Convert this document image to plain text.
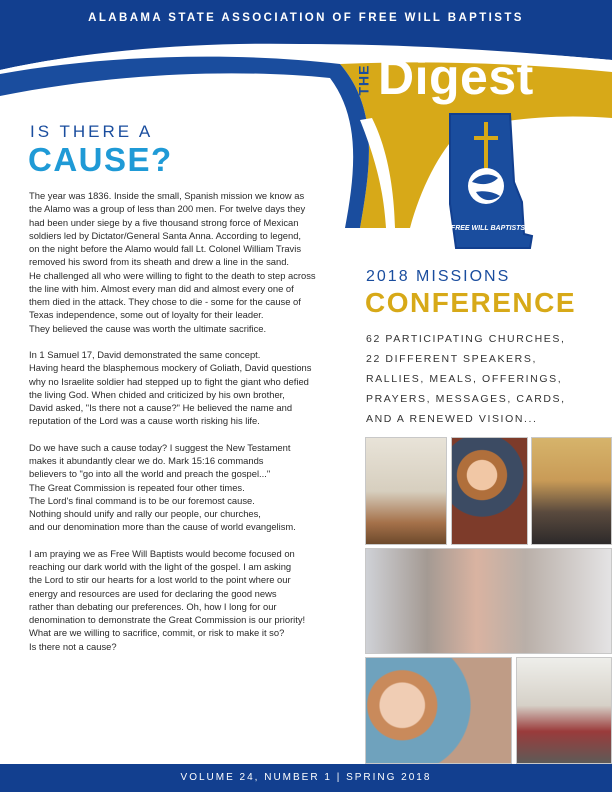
ALABAMA STATE ASSOCIATION OF FREE WILL BAPTISTS
THE Digest
FREE WILL BAPTISTS
IS THERE A
CAUSE?

The year was 1836. Inside the small, Spanish mission we know as
the Alamo was a group of less than 200 men. For twelve days they
had been under siege by a five thousand strong force of Mexican
soldiers led by Dictator/General Santa Anna. According to legend,
on the night before the Alamo would fall Lt. Colonel William Travis
removed his sword from its sheath and drew a line in the sand.
He challenged all who were willing to fight to the death to step across
the line with him. Almost every man did and almost every one of
them died in the attack. They chose to die - some for the cause of
Texas independence, some out of loyalty for their leader.
They believed the cause was worth the ultimate sacrifice.

In 1 Samuel 17, David demonstrated the same concept.
Having heard the blasphemous mockery of Goliath, David questions
why no Israelite soldier had stepped up to fight the giant who defied
the living God. When chided and criticized by his own brother,
David asked, "Is there not a cause?" He believed the name and
reputation of the Lord was a cause worth risking his life.

Do we have such a cause today? I suggest the New Testament
makes it abundantly clear we do. Mark 15:16 commands
believers to "go into all the world and preach the gospel..."
The Great Commission is repeated four other times.
The Lord's final command is to be our foremost cause.
Nothing should unify and rally our people, our churches,
and our denomination more than the cause of world evangelism.

I am praying we as Free Will Baptists would become focused on
reaching our dark world with the light of the gospel. I am asking
the Lord to stir our hearts for a lost world to the point where our
energy and resources are used for declaring the good news
rather than debating our preferences. Oh, how I long for our
denomination to demonstrate the Great Commission is our priority!
What are we willing to sacrifice, commit, or risk to make it so?
Is there not a cause?

2018 MISSIONS
CONFERENCE
62 PARTICIPATING CHURCHES,
22 DIFFERENT SPEAKERS,
RALLIES, MEALS, OFFERINGS,
PRAYERS, MESSAGES, CARDS,
AND A RENEWED VISION...
VOLUME 24, NUMBER 1 | SPRING 2018
